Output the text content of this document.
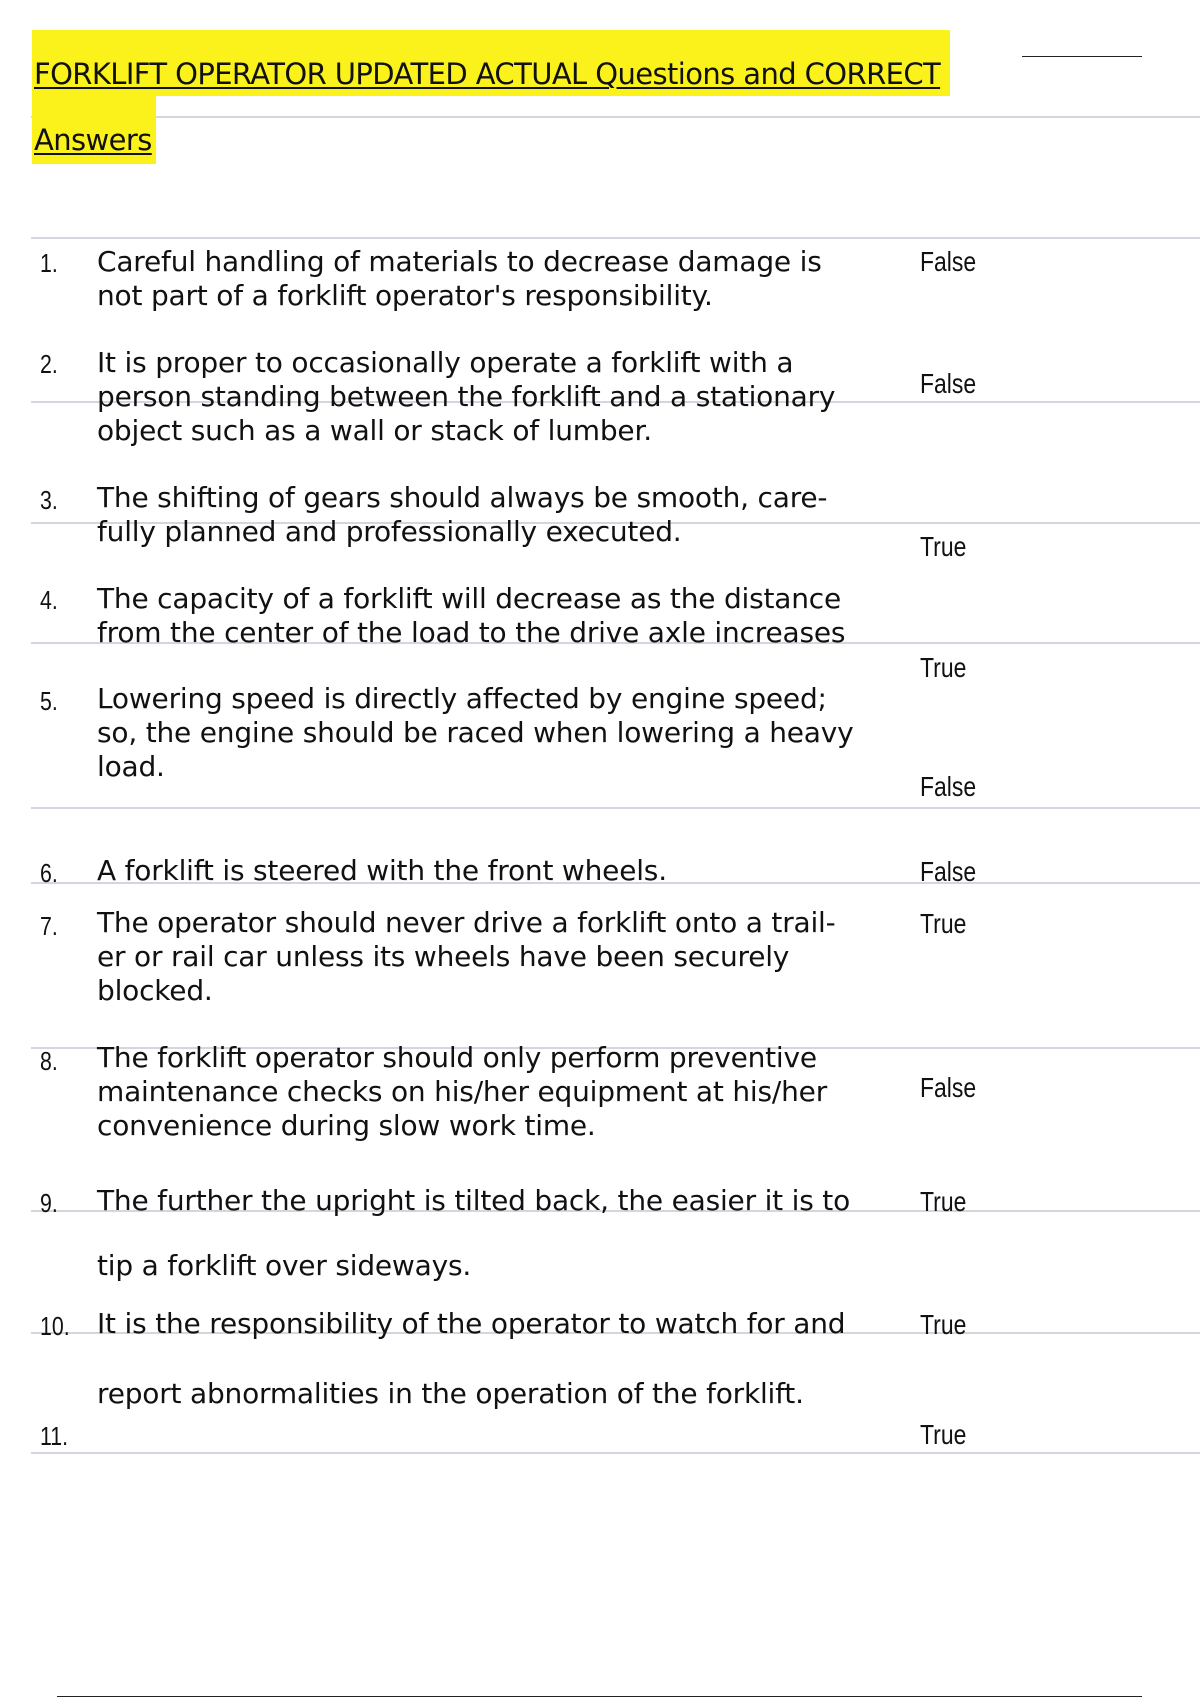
FORKLIFT OPERATOR UPDATED ACTUAL Questions and CORRECT
Answers
1. Careful handling of materials to decrease damage is
not part of a forklift operator's responsibility.
False
2. It is proper to occasionally operate a forklift with a
person standing between the forklift and a stationary
object such as a wall or stack of lumber.
False
3. The shifting of gears should always be smooth, care-
fully planned and professionally executed.	True
4. The capacity of a forklift will decrease as the distance
from the center of the load to the drive axle increases
True
5. Lowering speed is directly affected by engine speed;
so, the engine should be raced when lowering a heavy
load.
False
6. A forklift is steered with the front wheels.	False
7. The operator should never drive a forklift onto a trail-
er or rail car unless its wheels have been securely
blocked.
True
8. The forklift operator should only perform preventive
maintenance checks on his/her equipment at his/her
convenience during slow work time.
False
9. The further the upright is tilted back, the easier it is to
tip a forklift over sideways.
True
10. It is the responsibility of the operator to watch for and
report abnormalities in the operation of the forklift.
True
11.	True
